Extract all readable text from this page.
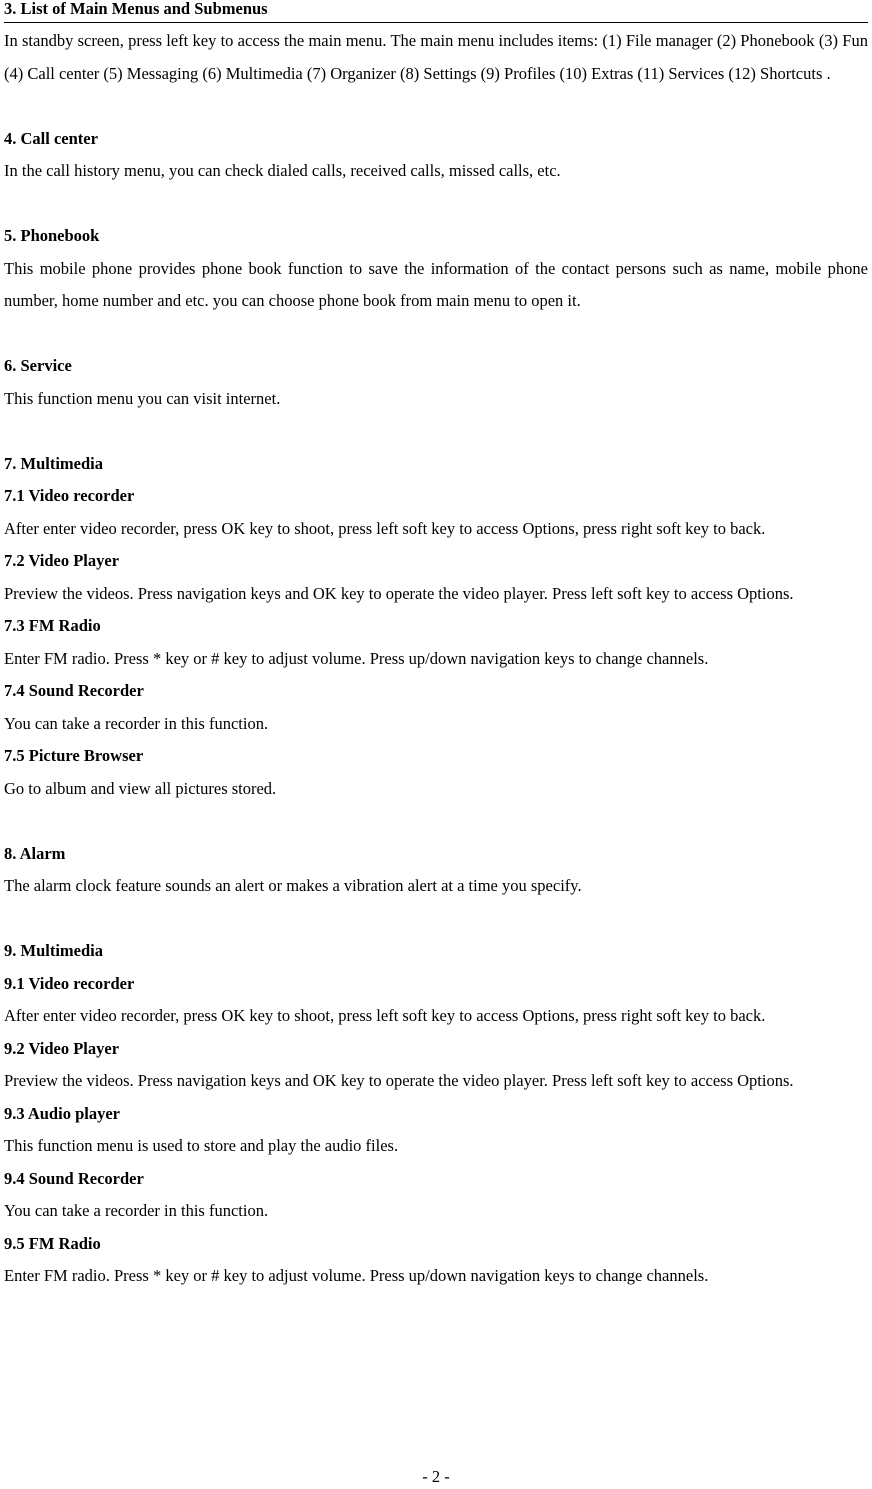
3. List of Main Menus and Submenus
In standby screen, press left key to access the main menu. The main menu includes items: (1) File manager (2) Phonebook (3) Fun (4) Call center (5) Messaging (6) Multimedia (7) Organizer (8) Settings (9) Profiles (10) Extras (11) Services (12) Shortcuts .
4. Call center
In the call history menu, you can check dialed calls, received calls, missed calls, etc.
5. Phonebook
This mobile phone provides phone book function to save the information of the contact persons such as name, mobile phone number, home number and etc. you can choose phone book from main menu to open it.
6. Service
This function menu you can visit internet.
7. Multimedia
7.1 Video recorder
After enter video recorder, press OK key to shoot, press left soft key to access Options, press right soft key to back.
7.2 Video Player
Preview the videos. Press navigation keys and OK key to operate the video player. Press left soft key to access Options.
7.3 FM Radio
Enter FM radio. Press * key or # key to adjust volume. Press up/down navigation keys to change channels.
7.4 Sound Recorder
You can take a recorder in this function.
7.5 Picture Browser
Go to album and view all pictures stored.
8. Alarm
The alarm clock feature sounds an alert or makes a vibration alert at a time you specify.
9. Multimedia
9.1 Video recorder
After enter video recorder, press OK key to shoot, press left soft key to access Options, press right soft key to back.
9.2 Video Player
Preview the videos. Press navigation keys and OK key to operate the video player. Press left soft key to access Options.
9.3 Audio player
This function menu is used to store and play the audio files.
9.4 Sound Recorder
You can take a recorder in this function.
9.5 FM Radio
Enter FM radio. Press * key or # key to adjust volume. Press up/down navigation keys to change channels.
- 2 -
